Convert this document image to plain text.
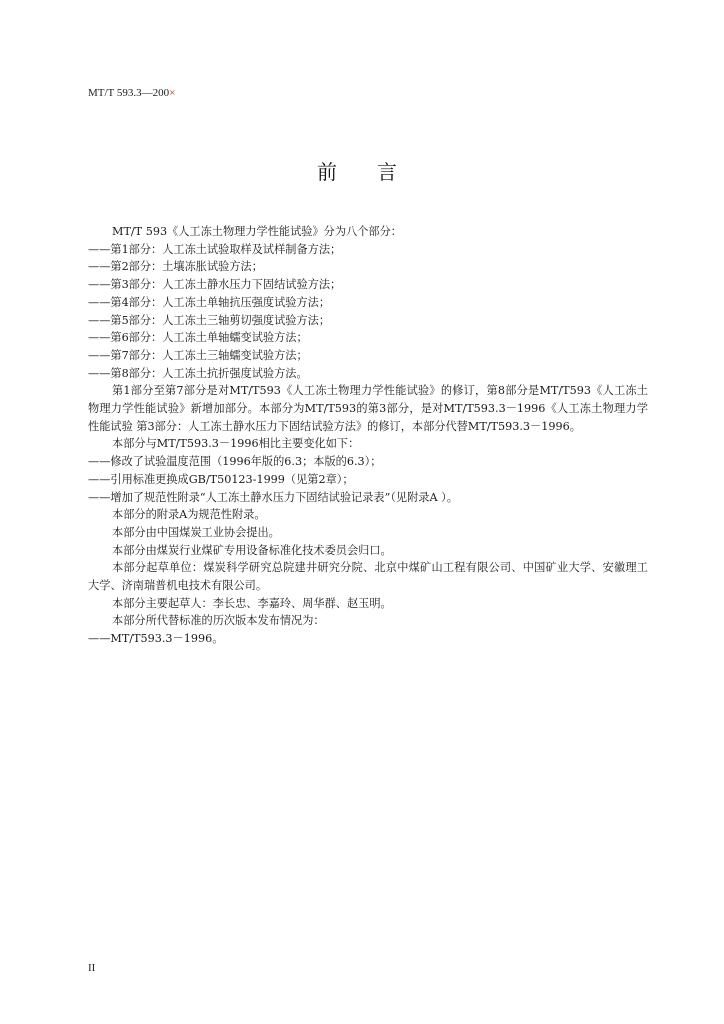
MT/T 593.3—200×
前言

MT/T 593《人工冻土物理力学性能试验》分为八个部分：

——第1部分：人工冻土试验取样及试样制备方法；

——第2部分：土壤冻胀试验方法；

——第3部分：人工冻土静水压力下固结试验方法；

——第4部分：人工冻土单轴抗压强度试验方法；

——第5部分：人工冻土三轴剪切强度试验方法；

——第6部分：人工冻土单轴蠕变试验方法；

——第7部分：人工冻土三轴蠕变试验方法；

——第8部分：人工冻土抗折强度试验方法。

第1部分至第7部分是对MT/T593《人工冻土物理力学性能试验》的修订，第8部分是MT/T593《人工冻土物理力学性能试验》新增加部分。本部分为MT/T593的第3部分，是对MT/T593.3－1996《人工冻土物理力学性能试验 第3部分：人工冻土静水压力下固结试验方法》的修订，本部分代替MT/T593.3－1996。

本部分与MT/T593.3－1996相比主要变化如下：

——修改了试验温度范围（1996年版的6.3；本版的6.3）；

——引用标准更换成GB/T50123-1999（见第2章）；

——增加了规范性附录“人工冻土静水压力下固结试验记录表”（见附录A ）。

本部分的附录A为规范性附录。

本部分由中国煤炭工业协会提出。

本部分由煤炭行业煤矿专用设备标准化技术委员会归口。

本部分起草单位：煤炭科学研究总院建井研究分院、北京中煤矿山工程有限公司、中国矿业大学、安徽理工大学、济南瑞普机电技术有限公司。

本部分主要起草人：李长忠、李嘉玲、周华群、赵玉明。

本部分所代替标准的历次版本发布情况为：

——MT/T593.3－1996。

II
